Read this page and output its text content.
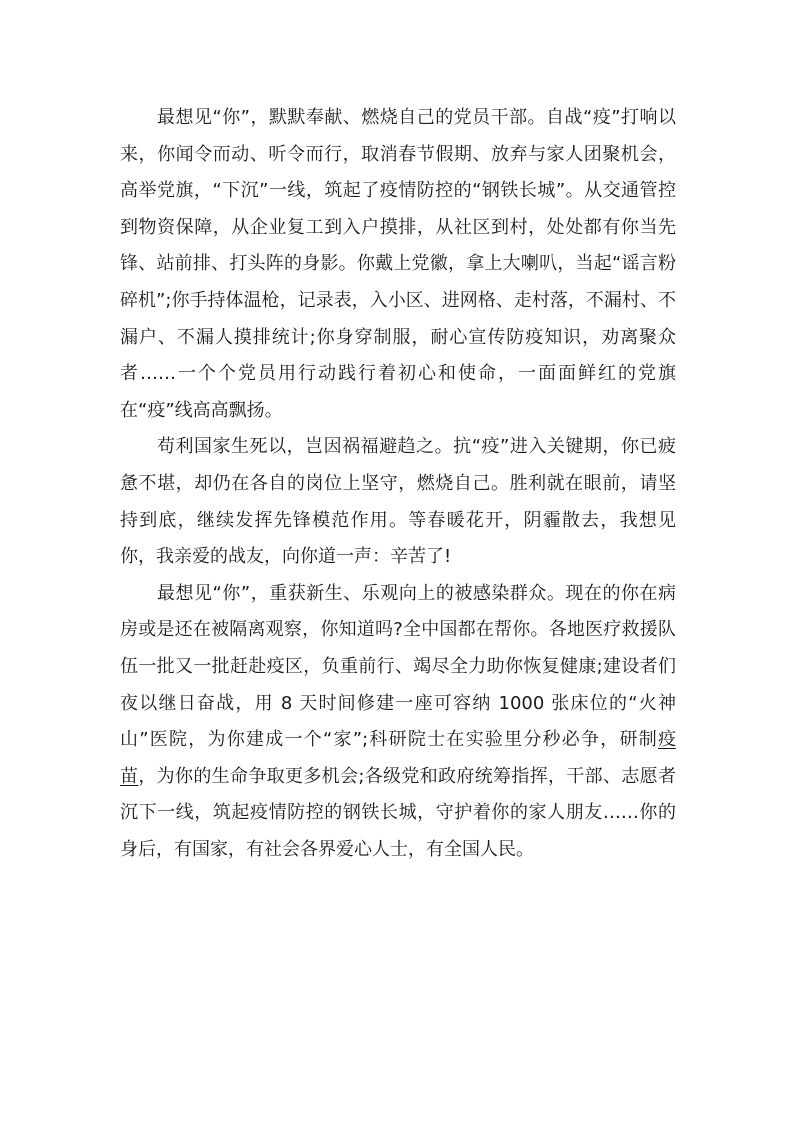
最想见“你”，默默奉献、燃烧自己的党员干部。自战“疫”打响以来，你闻令而动、听令而行，取消春节假期、放弃与家人团聚机会，高举党旗，“下沉”一线，筑起了疫情防控的“钢铁长城”。从交通管控到物资保障，从企业复工到入户摸排，从社区到村，处处都有你当先锋、站前排、打头阵的身影。你戴上党徽，拿上大喇叭，当起“谣言粉碎机”;你手持体温枪，记录表，入小区、进网格、走村落，不漏村、不漏户、不漏人摸排统计;你身穿制服，耐心宣传防疫知识，劝离聚众者……一个个党员用行动践行着初心和使命，一面面鲜红的党旗在“疫”线高高飘扬。

苟利国家生死以，岂因祸福避趋之。抗“疫”进入关键期，你已疲惫不堪，却仍在各自的岗位上坚守，燃烧自己。胜利就在眼前，请坚持到底，继续发挥先锋模范作用。等春暖花开，阴霾散去，我想见你，我亲爱的战友，向你道一声：辛苦了!

最想见“你”，重获新生、乐观向上的被感染群众。现在的你在病房或是还在被隔离观察，你知道吗?全中国都在帮你。各地医疗救援队伍一批又一批赶赴疫区，负重前行、竭尽全力助你恢复健康;建设者们夜以继日奋战，用 8 天时间修建一座可容纳 1000 张床位的“火神山”医院，为你建成一个“家”;科研院士在实验里分秒必争，研制疫苗，为你的生命争取更多机会;各级党和政府统筹指挥，干部、志愿者沉下一线，筑起疫情防控的钢铁长城，守护着你的家人朋友……你的身后，有国家，有社会各界爱心人士，有全国人民。
